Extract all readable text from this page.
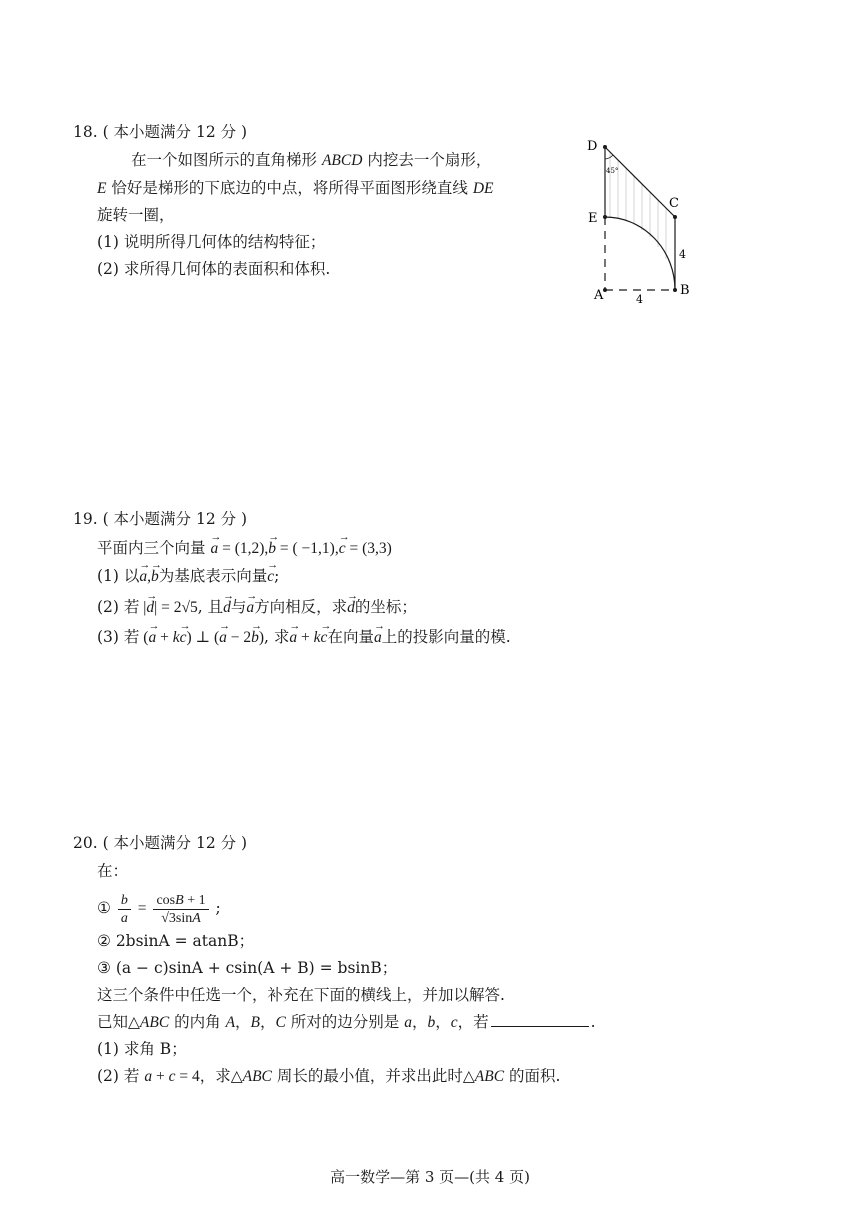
18. ( 本小题满分 12 分 )
在一个如图所示的直角梯形 ABCD 内挖去一个扇形，
E 恰好是梯形的下底边的中点，将所得平面图形绕直线 DE
旋转一圈，
(1) 说明所得几何体的结构特征；
(2) 求所得几何体的表面积和体积.
D
C
E
A	B
45°
4
4
19. ( 本小题满分 12 分 )
平面内三个向量 a → = (1,2),b → = ( −1,1),c → = (3,3)
(1) 以a →,b →为基底表示向量c →;
(2) 若 |d →| = 2√5, 且d →与a →方向相反，求d →的坐标；
(3) 若 (a → + kc →) ⊥ (a → − 2b →), 求a → + kc →在向量a →上的投影向量的模.
20. ( 本小题满分 12 分 )
在：
① $\frac{b}{a} = \frac{\cos B + 1}{√3\sin A}$ ;
② 2bsinA = atanB；
③ (a − c)sinA + csin(A + B) = bsinB；
这三个条件中任选一个，补充在下面的横线上，并加以解答.
已知△ABC 的内角 A，B，C 所对的边分别是 a，b，c，若	.
(1) 求角 B；
(2) 若 a + c = 4，求△ABC 周长的最小值，并求出此时△ABC 的面积.
高一数学—第 3 页—(共 4 页)
